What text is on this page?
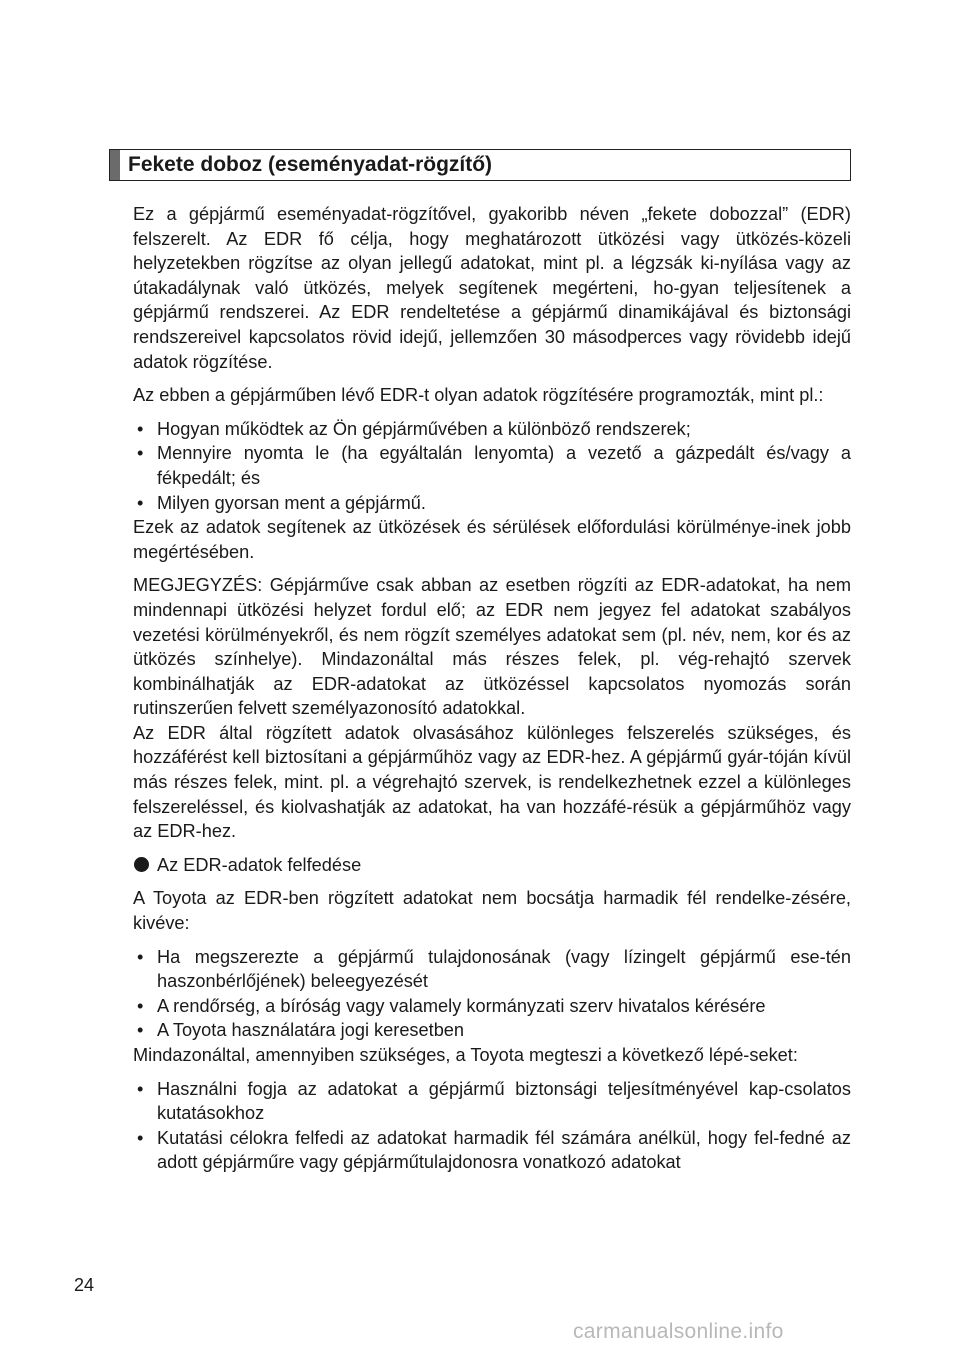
Fekete doboz (eseményadat-rögzítő)

Ez a gépjármű eseményadat-rögzítővel, gyakoribb néven „fekete dobozzal” (EDR) felszerelt. Az EDR fő célja, hogy meghatározott ütközési vagy ütközés-közeli helyzetekben rögzítse az olyan jellegű adatokat, mint pl. a légzsák ki-nyílása vagy az útakadálynak való ütközés, melyek segítenek megérteni, ho-gyan teljesítenek a gépjármű rendszerei. Az EDR rendeltetése a gépjármű dinamikájával és biztonsági rendszereivel kapcsolatos rövid idejű, jellemzően 30 másodperces vagy rövidebb idejű adatok rögzítése.

Az ebben a gépjárműben lévő EDR-t olyan adatok rögzítésére programozták, mint pl.:

• Hogyan működtek az Ön gépjárművében a különböző rendszerek;
• Mennyire nyomta le (ha egyáltalán lenyomta) a vezető a gázpedált és/vagy a fékpedált; és
• Milyen gyorsan ment a gépjármű.

Ezek az adatok segítenek az ütközések és sérülések előfordulási körülménye-inek jobb megértésében.

MEGJEGYZÉS: Gépjárműve csak abban az esetben rögzíti az EDR-adatokat, ha nem mindennapi ütközési helyzet fordul elő; az EDR nem jegyez fel adatokat szabályos vezetési körülményekről, és nem rögzít személyes adatokat sem (pl. név, nem, kor és az ütközés színhelye). Mindazonáltal más részes felek, pl. vég-rehajtó szervek kombinálhatják az EDR-adatokat az ütközéssel kapcsolatos nyomozás során rutinszerűen felvett személyazonosító adatokkal.

Az EDR által rögzített adatok olvasásához különleges felszerelés szükséges, és hozzáférést kell biztosítani a gépjárműhöz vagy az EDR-hez. A gépjármű gyár-tóján kívül más részes felek, mint. pl. a végrehajtó szervek, is rendelkezhetnek ezzel a különleges felszereléssel, és kiolvashatják az adatokat, ha van hozzáfé-résük a gépjárműhöz vagy az EDR-hez.

Az EDR-adatok felfedése

A Toyota az EDR-ben rögzített adatokat nem bocsátja harmadik fél rendelke-zésére, kivéve:

• Ha megszerezte a gépjármű tulajdonosának (vagy lízingelt gépjármű ese-tén haszonbérlőjének) beleegyezését
• A rendőrség, a bíróság vagy valamely kormányzati szerv hivatalos kérésére
• A Toyota használatára jogi keresetben

Mindazonáltal, amennyiben szükséges, a Toyota megteszi a következő lépé-seket:

• Használni fogja az adatokat a gépjármű biztonsági teljesítményével kap-csolatos kutatásokhoz
• Kutatási célokra felfedi az adatokat harmadik fél számára anélkül, hogy fel-fedné az adott gépjárműre vagy gépjárműtulajdonosra vonatkozó adatokat
24
carmanualsonline.info
